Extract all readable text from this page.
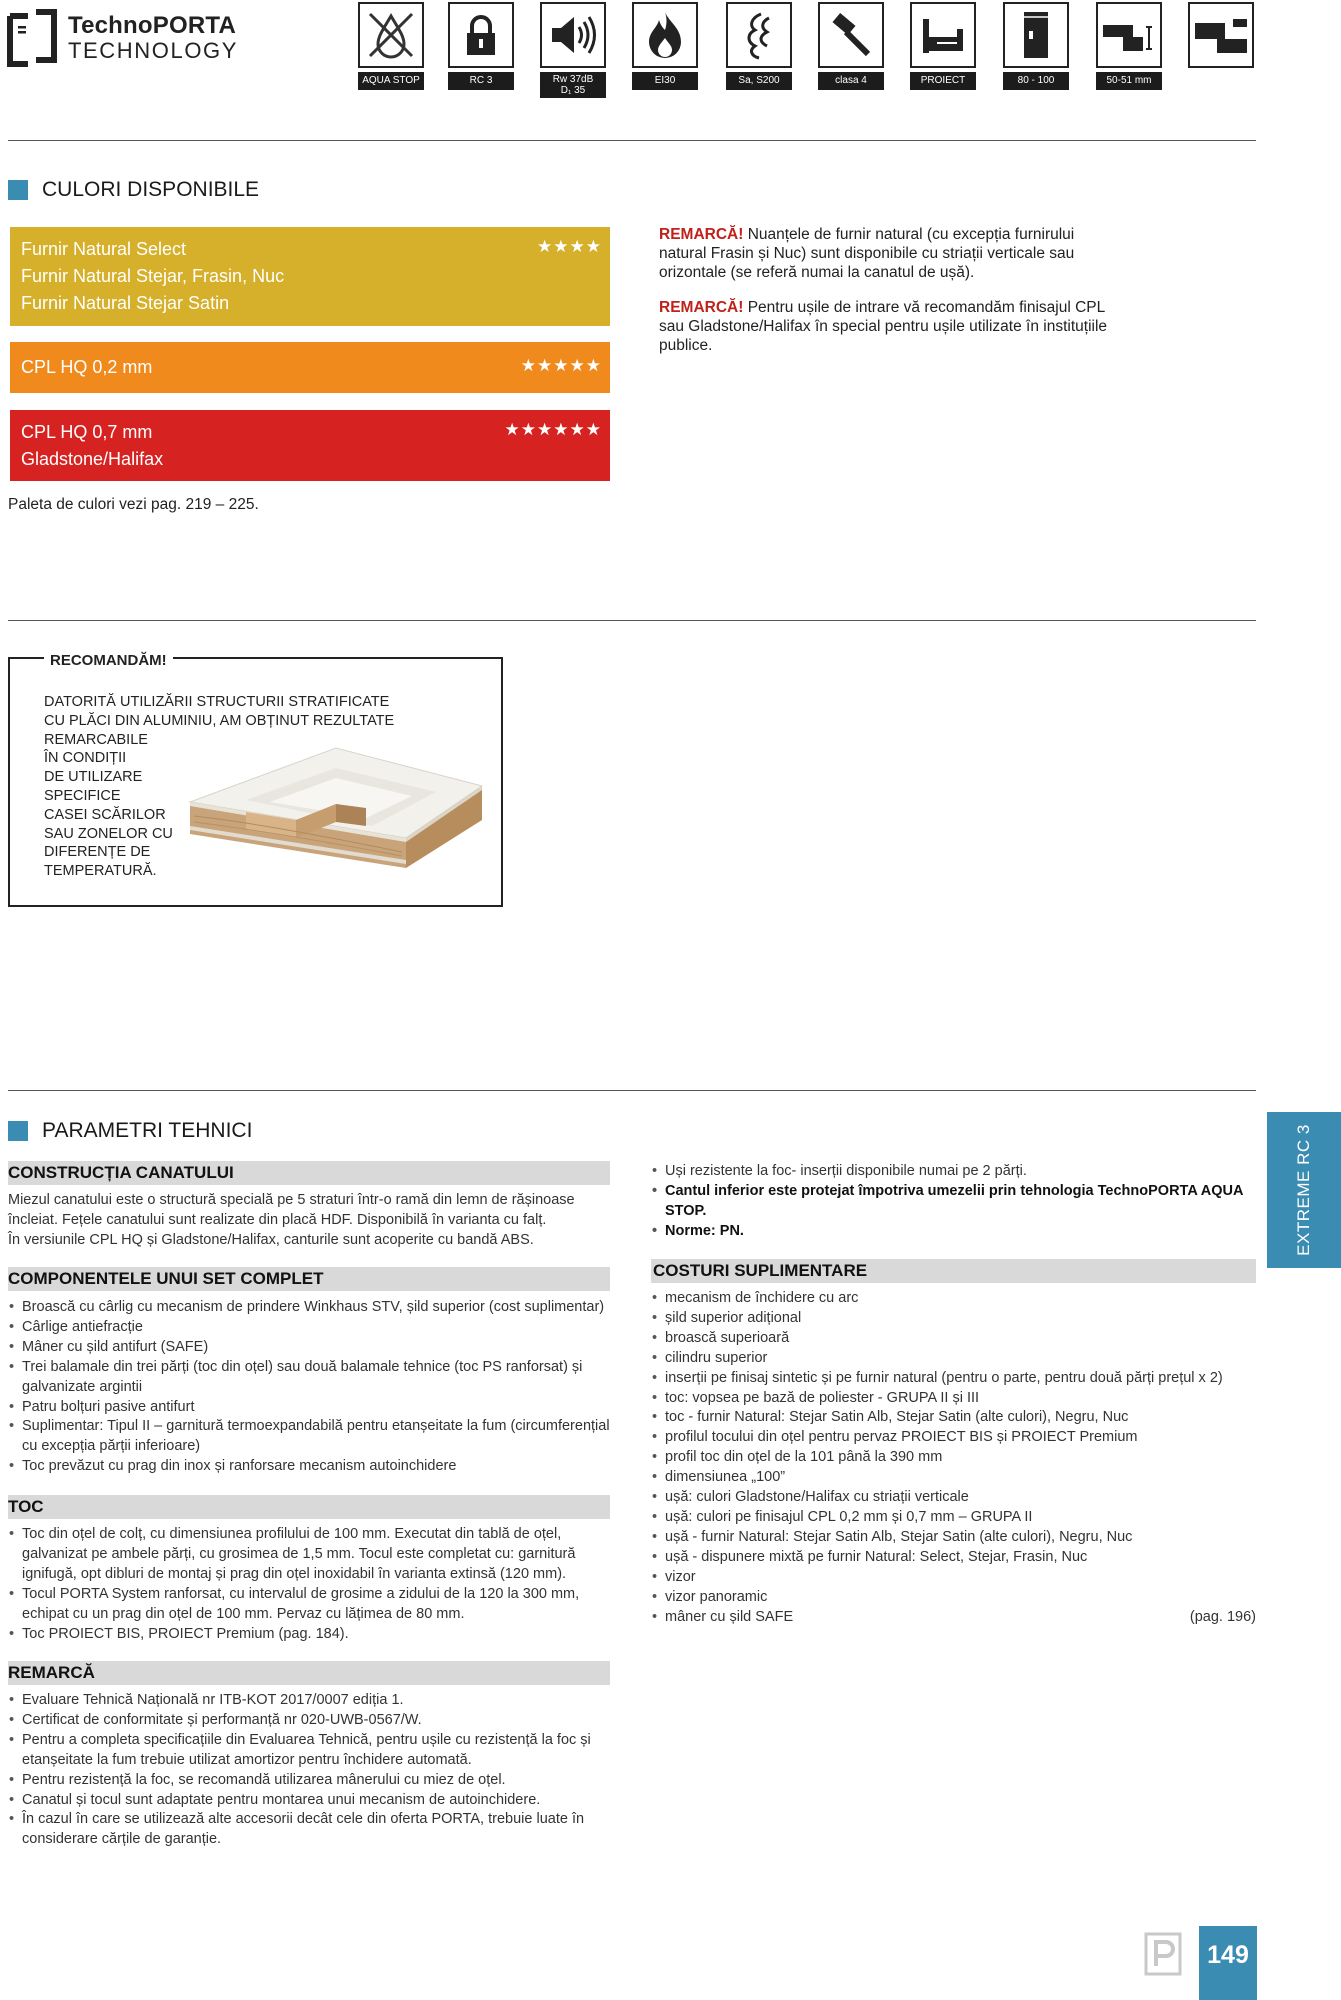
TechnoPORTA
TECHNOLOGY
AQUA STOP	RC 3	Rw 37dB
D₁ 35
EI30	Sa, S200	clasa 4	PROIECT	80 - 100	50-51 mm
CULORI DISPONIBILE
Furnir Natural Select
Furnir Natural Stejar, Frasin, Nuc
Furnir Natural Stejar Satin
★★★★
CPL HQ 0,2 mm	★★★★★
CPL HQ 0,7 mm
Gladstone/Halifax
★★★★★★
Paleta de culori vezi pag. 219 – 225.
REMARCĂ! Nuanțele de furnir natural (cu excepția furnirului natural Frasin și Nuc) sunt disponibile cu striații verticale sau orizontale (se referă numai la canatul de ușă).
REMARCĂ! Pentru ușile de intrare vă recomandăm finisajul CPL sau Gladstone/Halifax în special pentru ușile utilizate în instituțiile publice.
RECOMANDĂM!
DATORITĂ UTILIZĂRII STRUCTURII STRATIFICATE
CU PLĂCI DIN ALUMINIU, AM OBȚINUT REZULTATE
REMARCABILE
ÎN CONDIȚII
DE UTILIZARE
SPECIFICE
CASEI SCĂRILOR
SAU ZONELOR CU
DIFERENȚE DE
TEMPERATURĂ.
PARAMETRI TEHNICI	EXTREME RC 3
CONSTRUCȚIA CANATULUI
Miezul canatului este o structură specială pe 5 straturi într-o ramă din lemn de rășinoase
încleiat. Fețele canatului sunt realizate din placă HDF. Disponibilă în varianta cu falț.
În versiunile CPL HQ și Gladstone/Halifax, canturile sunt acoperite cu bandă ABS.
COMPONENTELE UNUI SET COMPLET
• Broască cu cârlig cu mecanism de prindere Winkhaus STV, șild superior (cost suplimentar)
• Cârlige antiefracție
• Mâner cu șild antifurt (SAFE)
• Trei balamale din trei părți (toc din oțel) sau două balamale tehnice (toc PS ranforsat) și galvanizate argintii
• Patru bolțuri pasive antifurt
• Suplimentar: Tipul II – garnitură termoexpandabilă pentru etanșeitate la fum (circumferențial cu excepția părții inferioare)
• Toc prevăzut cu prag din inox și ranforsare mecanism autoinchidere
TOC
• Toc din oțel de colț, cu dimensiunea profilului de 100 mm. Executat din tablă de oțel, galvanizat pe ambele părți, cu grosimea de 1,5 mm. Tocul este completat cu: garnitură ignifugă, opt dibluri de montaj și prag din oțel inoxidabil în varianta extinsă (120 mm).
• Tocul PORTA System ranforsat, cu intervalul de grosime a zidului de la 120 la 300 mm, echipat cu un prag din oțel de 100 mm. Pervaz cu lățimea de 80 mm.
• Toc PROIECT BIS, PROIECT Premium (pag. 184).
REMARCĂ
• Evaluare Tehnică Națională nr ITB-KOT 2017/0007 ediția 1.
• Certificat de conformitate și performanță nr 020-UWB-0567/W.
• Pentru a completa specificațiile din Evaluarea Tehnică, pentru ușile cu rezistență la foc și etanșeitate la fum trebuie utilizat amortizor pentru închidere automată.
• Pentru rezistență la foc, se recomandă utilizarea mânerului cu miez de oțel.
• Canatul și tocul sunt adaptate pentru montarea unui mecanism de autoinchidere.
• În cazul în care se utilizează alte accesorii decât cele din oferta PORTA, trebuie luate în considerare cărțile de garanție.
• Uși rezistente la foc- inserții disponibile numai pe 2 părți.
• Cantul inferior este protejat împotriva umezelii prin tehnologia TechnoPORTA AQUA STOP.
• Norme: PN.
COSTURI SUPLIMENTARE
• mecanism de închidere cu arc
• șild superior adițional
• broască superioară
• cilindru superior
• inserții pe finisaj sintetic și pe furnir natural (pentru o parte, pentru două părți prețul x 2)
• toc: vopsea pe bază de poliester - GRUPA II și III
• toc - furnir Natural: Stejar Satin Alb, Stejar Satin (alte culori), Negru, Nuc
• profilul tocului din oțel pentru pervaz PROIECT BIS și PROIECT Premium
• profil toc din oțel de la 101 până la 390 mm
• dimensiunea „100”
• ușă: culori Gladstone/Halifax cu striații verticale
• ușă: culori pe finisajul CPL 0,2 mm și 0,7 mm – GRUPA II
• ușă - furnir Natural: Stejar Satin Alb, Stejar Satin (alte culori), Negru, Nuc
• ușă - dispunere mixtă pe furnir Natural: Select, Stejar, Frasin, Nuc
• vizor
• vizor panoramic
• mâner cu șild SAFE	(pag. 196)
149
